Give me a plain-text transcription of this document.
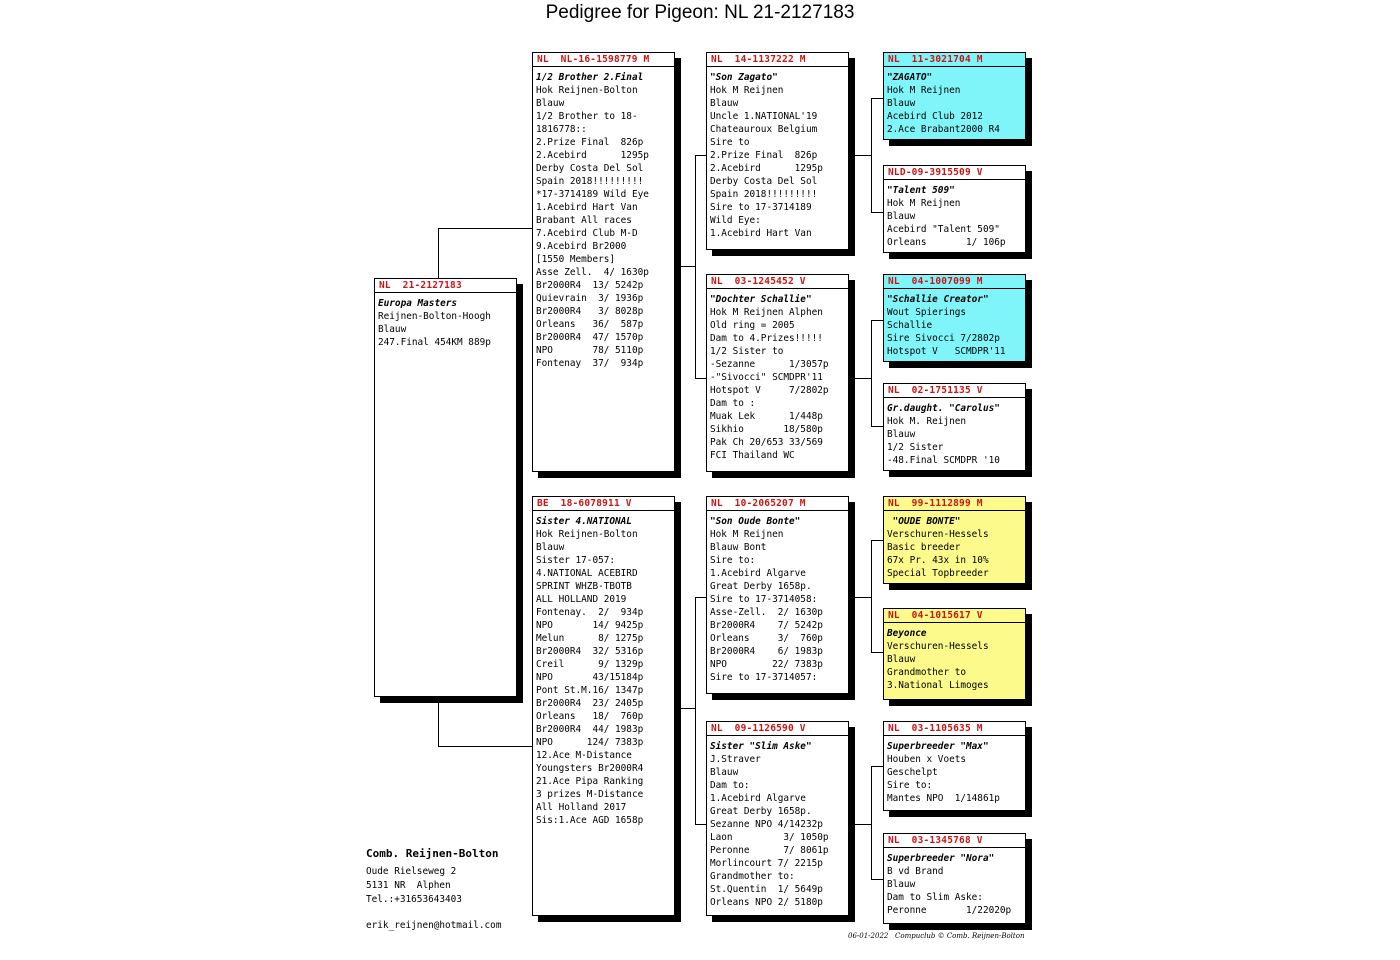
Pedigree for Pigeon: NL 21-2127183
NL  21-2127183
Europa Masters
Reijnen-Bolton-Hoogh
Blauw
247.Final 454KM 889p
NL  NL-16-1598779 M
1/2 Brother 2.Final
Hok Reijnen-Bolton
Blauw
1/2 Brother to 18-
1816778::
2.Prize Final  826p
2.Acebird      1295p
Derby Costa Del Sol
Spain 2018!!!!!!!!!
*17-3714189 Wild Eye
1.Acebird Hart Van
Brabant All races
7.Acebird Club M-D
9.Acebird Br2000
[1550 Members]
Asse Zell.  4/ 1630p
Br2000R4  13/ 5242p
Quievrain  3/ 1936p
Br2000R4   3/ 8028p
Orleans   36/  587p
Br2000R4  47/ 1570p
NPO       78/ 5110p
Fontenay  37/  934p
BE  18-6078911 V
Sister 4.NATIONAL
Hok Reijnen-Bolton
Blauw
Sister 17-057:
4.NATIONAL ACEBIRD
SPRINT WHZB-TBOTB
ALL HOLLAND 2019
Fontenay.  2/  934p
NPO       14/ 9425p
Melun      8/ 1275p
Br2000R4  32/ 5316p
Creil      9/ 1329p
NPO       43/15184p
Pont St.M.16/ 1347p
Br2000R4  23/ 2405p
Orleans   18/  760p
Br2000R4  44/ 1983p
NPO      124/ 7383p
12.Ace M-Distance
Youngsters Br2000R4
21.Ace Pipa Ranking
3 prizes M-Distance
All Holland 2017
Sis:1.Ace AGD 1658p
NL  14-1137222 M
"Son Zagato"
Hok M Reijnen
Blauw
Uncle 1.NATIONAL'19
Chateauroux Belgium
Sire to
2.Prize Final  826p
2.Acebird      1295p
Derby Costa Del Sol
Spain 2018!!!!!!!!!
Sire to 17-3714189
Wild Eye:
1.Acebird Hart Van
NL  03-1245452 V
"Dochter Schallie"
Hok M Reijnen Alphen
Old ring = 2005
Dam to 4.Prizes!!!!!
1/2 Sister to
-Sezanne      1/3057p
-"Sivocci" SCMDPR'11
Hotspot V     7/2802p
Dam to :
Muak Lek      1/448p
Sikhio       18/580p
Pak Ch 20/653 33/569
FCI Thailand WC
NL  10-2065207 M
"Son Oude Bonte"
Hok M Reijnen
Blauw Bont
Sire to:
1.Acebird Algarve
Great Derby 1658p.
Sire to 17-3714058:
Asse-Zell.  2/ 1630p
Br2000R4    7/ 5242p
Orleans     3/  760p
Br2000R4    6/ 1983p
NPO        22/ 7383p
Sire to 17-3714057:
NL  09-1126590 V
Sister "Slim Aske"
J.Straver
Blauw
Dam to:
1.Acebird Algarve
Great Derby 1658p.
Sezanne NPO 4/14232p
Laon         3/ 1050p
Peronne      7/ 8061p
Morlincourt 7/ 2215p
Grandmother to:
St.Quentin  1/ 5649p
Orleans NPO 2/ 5180p
NL  11-3021704 M
"ZAGATO"
Hok M Reijnen
Blauw
Acebird Club 2012
2.Ace Brabant2000 R4
NLD-09-3915509 V
"Talent 509"
Hok M Reijnen
Blauw
Acebird "Talent 509"
Orleans       1/ 106p
NL  04-1007099 M
"Schallie Creator"
Wout Spierings
Schallie
Sire Sivocci 7/2802p
Hotspot V   SCMDPR'11
NL  02-1751135 V
Gr.daught. "Carolus"
Hok M. Reijnen
Blauw
1/2 Sister
-48.Final SCMDPR '10
NL  99-1112899 M
"OUDE BONTE"
Verschuren-Hessels
Basic breeder
67x Pr. 43x in 10%
Special Topbreeder
NL  04-1015617 V
Beyonce
Verschuren-Hessels
Blauw
Grandmother to
3.National Limoges
NL  03-1105635 M
Superbreeder "Max"
Houben x Voets
Geschelpt
Sire to:
Mantes NPO  1/14861p
NL  03-1345768 V
Superbreeder "Nora"
B vd Brand
Blauw
Dam to Slim Aske:
Peronne       1/22020p
Comb. Reijnen-Bolton
Oude Rielseweg 2
5131 NR  Alphen
Tel.:+31653643403
erik_reijnen@hotmail.com
06-01-2022   Compuclub © Comb. Reijnen-Bolton
